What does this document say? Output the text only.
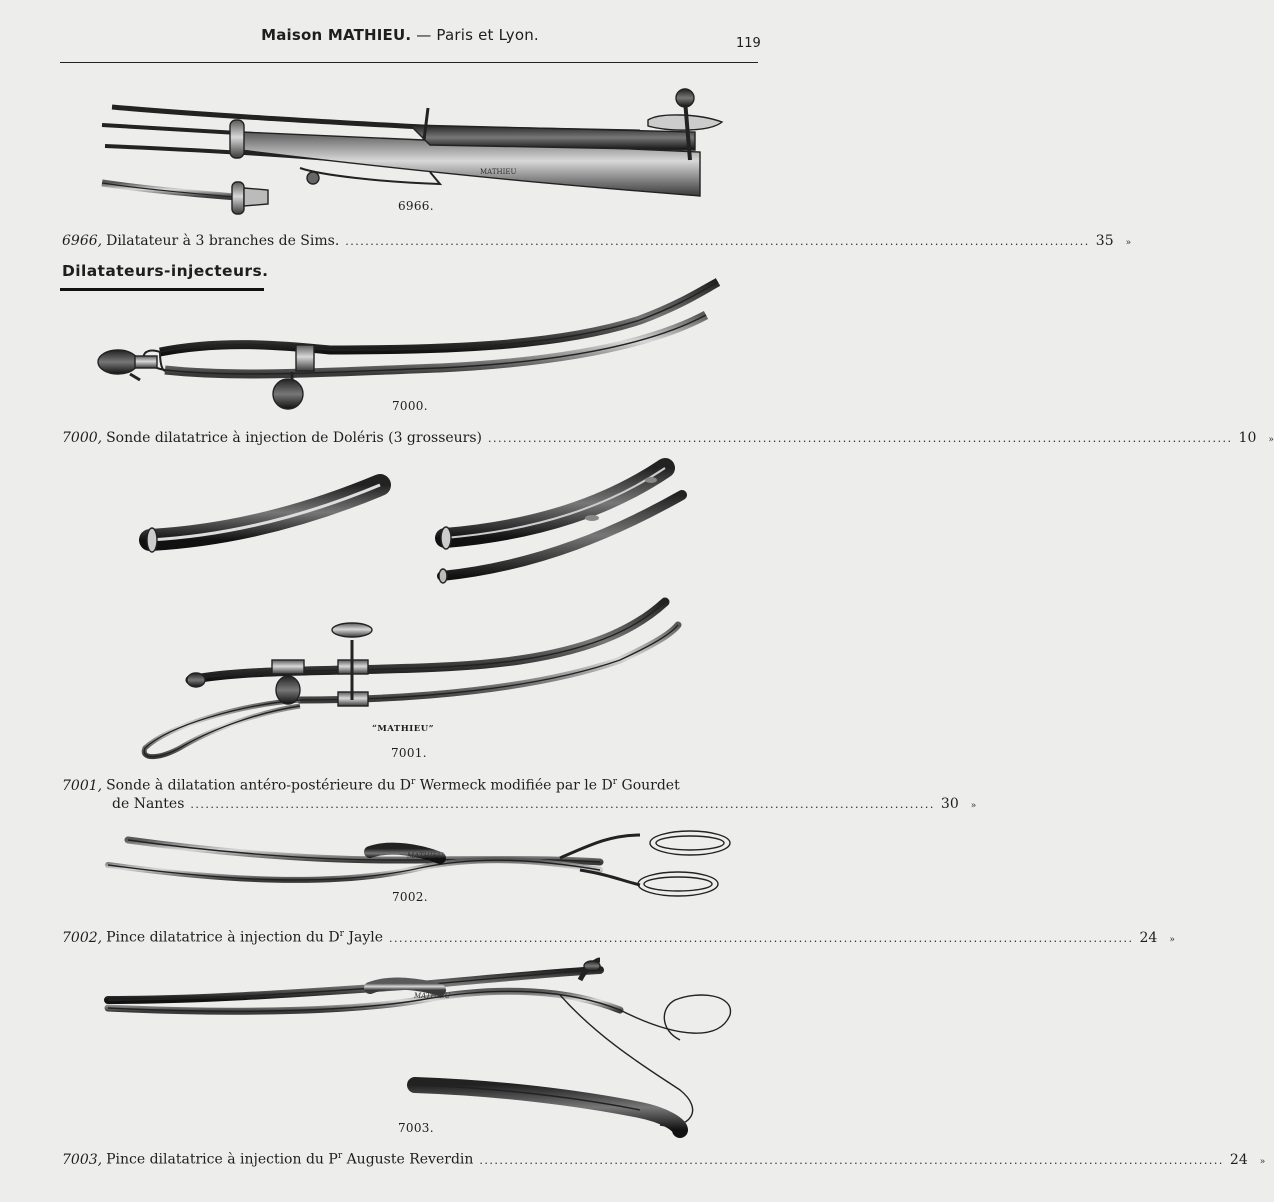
Maison MATHIEU. — Paris et Lyon.	119
MATHIEU
MATHIEU
MATHIEU
6966.
7000.
“MATHIEU”
7001.
7002.
7003.
6966, Dilatateur à 3 branches de Sims. ..................................................................................................................................................... 35 »
Dilatateurs-injecteurs.
7000, Sonde dilatatrice à injection de Doléris (3 grosseurs) ..................................................................................................................................................... 10 »
7001, Sonde à dilatation antéro-postérieure du $D^r$ Wermeck modifiée par le $D^r$ Gourdet
de Nantes ..................................................................................................................................................... 30 »
7002, Pince dilatatrice à injection du $D^r$ Jayle ..................................................................................................................................................... 24 »
7003, Pince dilatatrice à injection du $P^r$ Auguste Reverdin ..................................................................................................................................................... 24 »
